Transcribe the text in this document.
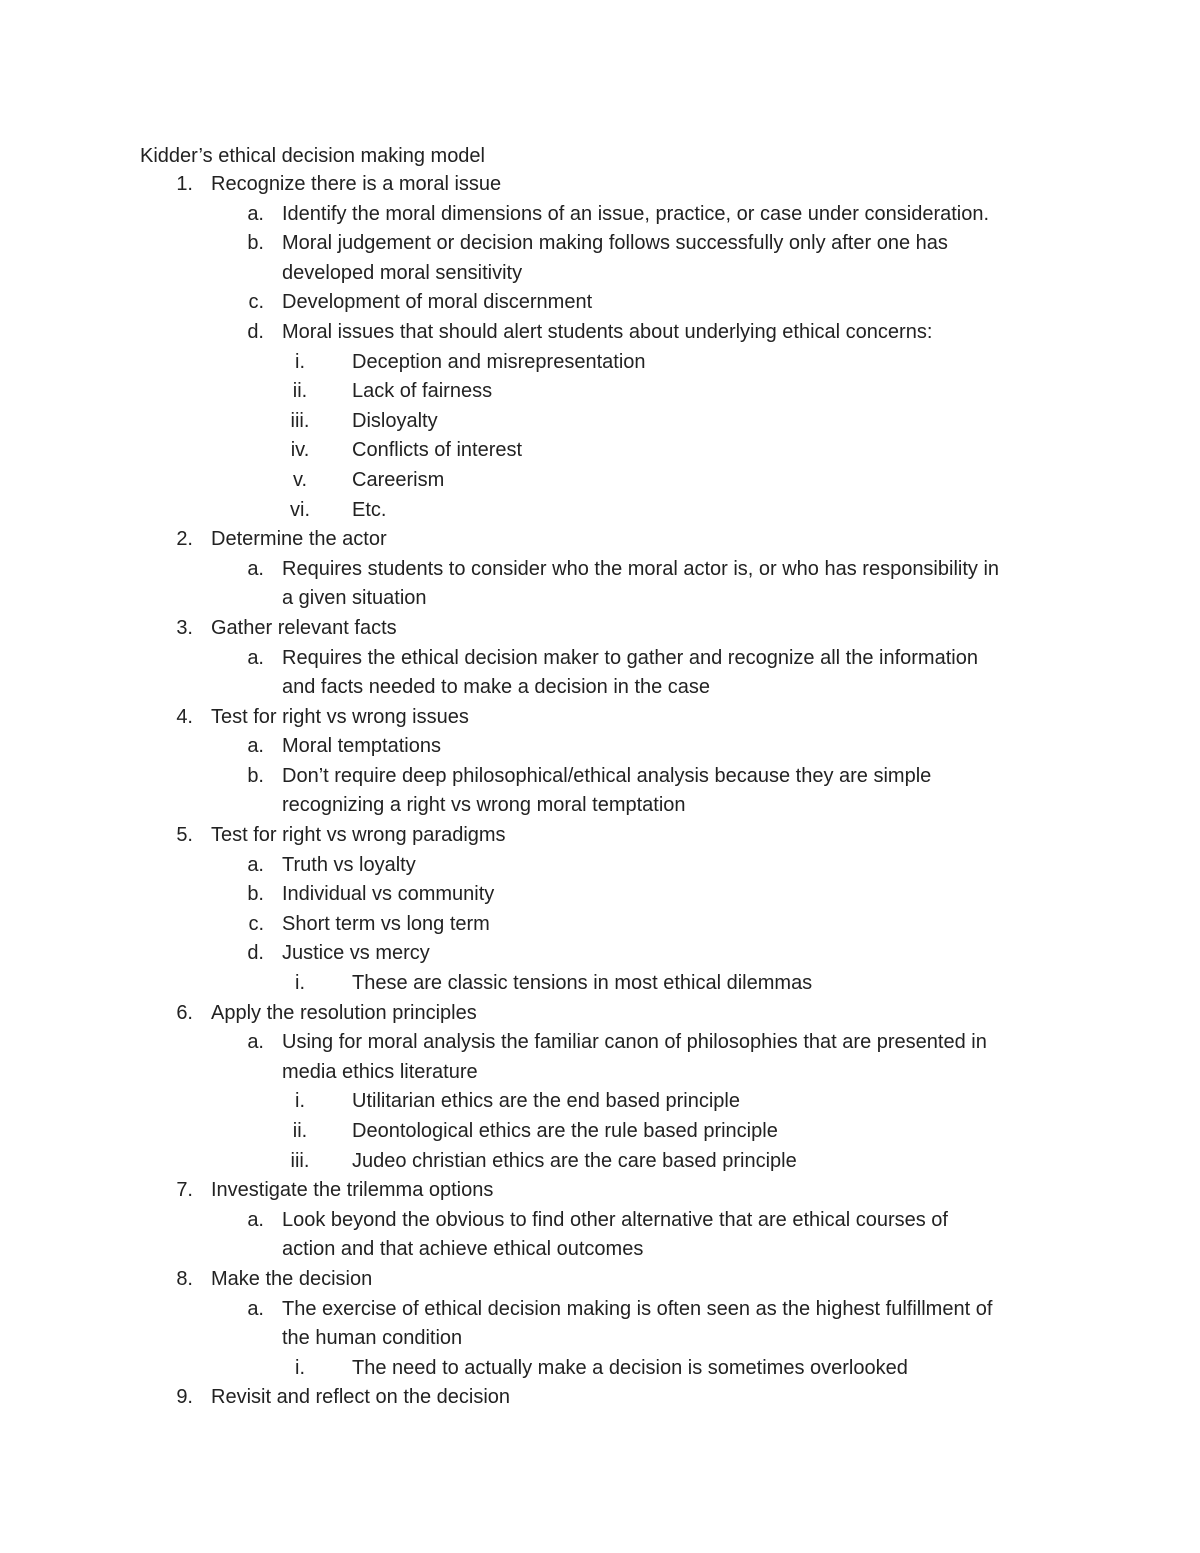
Kidder’s ethical decision making model
1. Recognize there is a moral issue
a. Identify the moral dimensions of an issue, practice, or case under consideration.
b. Moral judgement or decision making follows successfully only after one has
developed moral sensitivity
c. Development of moral discernment
d. Moral issues that should alert students about underlying ethical concerns:
i.	Deception and misrepresentation
ii.	Lack of fairness
iii.	Disloyalty
iv.	Conflicts of interest
v.	Careerism
vi.	Etc.
2. Determine the actor
a. Requires students to consider who the moral actor is, or who has responsibility in
a given situation
3. Gather relevant facts
a. Requires the ethical decision maker to gather and recognize all the information
and facts needed to make a decision in the case
4. Test for right vs wrong issues
a. Moral temptations
b. Don’t require deep philosophical/ethical analysis because they are simple
recognizing a right vs wrong moral temptation
5. Test for right vs wrong paradigms
a. Truth vs loyalty
b. Individual vs community
c. Short term vs long term
d. Justice vs mercy
i.	These are classic tensions in most ethical dilemmas
6. Apply the resolution principles
a. Using for moral analysis the familiar canon of philosophies that are presented in
media ethics literature
i.	Utilitarian ethics are the end based principle
ii.	Deontological ethics are the rule based principle
iii.	Judeo christian ethics are the care based principle
7. Investigate the trilemma options
a. Look beyond the obvious to find other alternative that are ethical courses of
action and that achieve ethical outcomes
8. Make the decision
a. The exercise of ethical decision making is often seen as the highest fulfillment of
the human condition
i.	The need to actually make a decision is sometimes overlooked
9. Revisit and reflect on the decision
